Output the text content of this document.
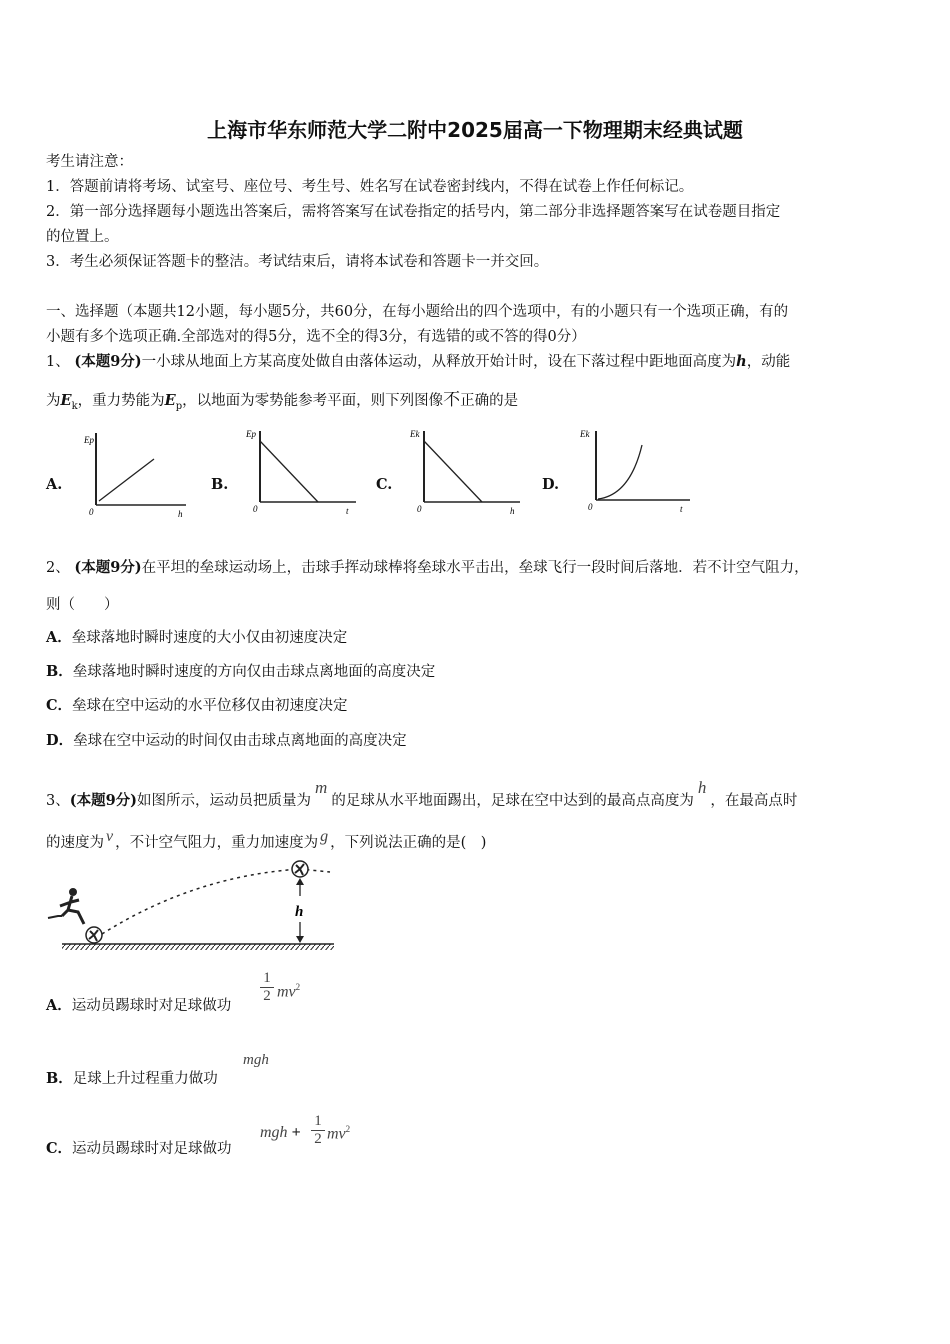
上海市华东师范大学二附中2025届高一下物理期末经典试题
考生请注意：
1．答题前请将考场、试室号、座位号、考生号、姓名写在试卷密封线内，不得在试卷上作任何标记。
2．第一部分选择题每小题选出答案后，需将答案写在试卷指定的括号内，第二部分非选择题答案写在试卷题目指定
的位置上。
3．考生必须保证答题卡的整洁。考试结束后，请将本试卷和答题卡一并交回。
一、选择题（本题共12小题，每小题5分，共60分，在每小题给出的四个选项中，有的小题只有一个选项正确，有的
小题有多个选项正确.全部选对的得5分，选不全的得3分，有选错的或不答的得0分）
1、 (本题9分)一小球从地面上方某高度处做自由落体运动，从释放开始计时，设在下落过程中距地面高度为h，动能
为$E_k$，重力势能为$E_p$，以地面为零势能参考平面，则下列图像不正确的是
A.
Ep
0	h
B.
Ep
0	t
C.
Ek
0	h
D.
Ek
0	t
2、 (本题9分)在平坦的垒球运动场上，击球手挥动球棒将垒球水平击出，垒球飞行一段时间后落地．若不计空气阻力，
则（　　）
A．垒球落地时瞬时速度的大小仅由初速度决定
B．垒球落地时瞬时速度的方向仅由击球点离地面的高度决定
C．垒球在空中运动的水平位移仅由初速度决定
D．垒球在空中运动的时间仅由击球点离地面的高度决定
3、(本题9分)如图所示，运动员把质量为m的足球从水平地面踢出，足球在空中达到的最高点高度为h，在最高点时
的速度为 v ，不计空气阻力，重力加速度为 g ，下列说法正确的是(　)
h
A．运动员踢球时对足球做功
$\frac{1}{2} mv^2$
B．足球上升过程重力做功
mgh
C．运动员踢球时对足球做功
mgh + $\frac{1}{2} mv^2$
